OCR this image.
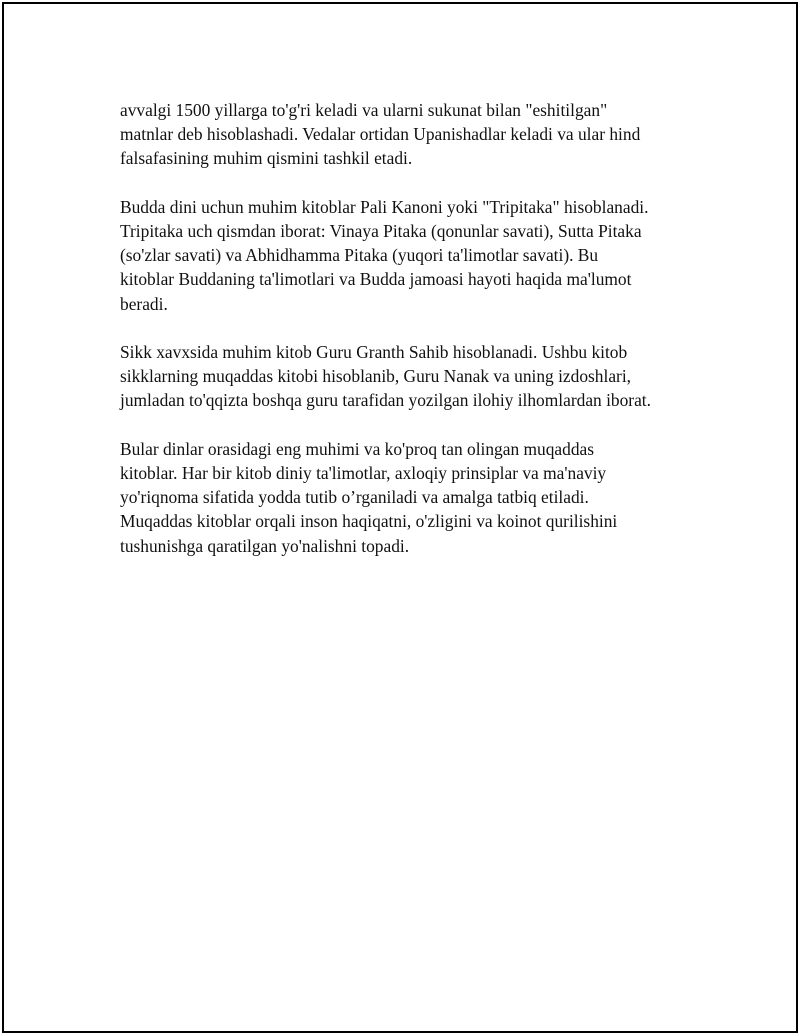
avvalgi 1500 yillarga to'g'ri keladi va ularni sukunat bilan "eshitilgan"
matnlar deb hisoblashadi. Vedalar ortidan Upanishadlar keladi va ular hind
falsafasining muhim qismini tashkil etadi.

Budda dini uchun muhim kitoblar Pali Kanoni yoki "Tripitaka" hisoblanadi.
Tripitaka uch qismdan iborat: Vinaya Pitaka (qonunlar savati), Sutta Pitaka
(so'zlar savati) va Abhidhamma Pitaka (yuqori ta'limotlar savati). Bu
kitoblar Buddaning ta'limotlari va Budda jamoasi hayoti haqida ma'lumot
beradi.

Sikk xavxsida muhim kitob Guru Granth Sahib hisoblanadi. Ushbu kitob
sikklarning muqaddas kitobi hisoblanib, Guru Nanak va uning izdoshlari,
jumladan to'qqizta boshqa guru tarafidan yozilgan ilohiy ilhomlardan iborat.

Bular dinlar orasidagi eng muhimi va ko'proq tan olingan muqaddas
kitoblar. Har bir kitob diniy ta'limotlar, axloqiy prinsiplar va ma'naviy
yo'riqnoma sifatida yodda tutib o’rganiladi va amalga tatbiq etiladi.
Muqaddas kitoblar orqali inson haqiqatni, o'zligini va koinot qurilishini
tushunishga qaratilgan yo'nalishni topadi.
